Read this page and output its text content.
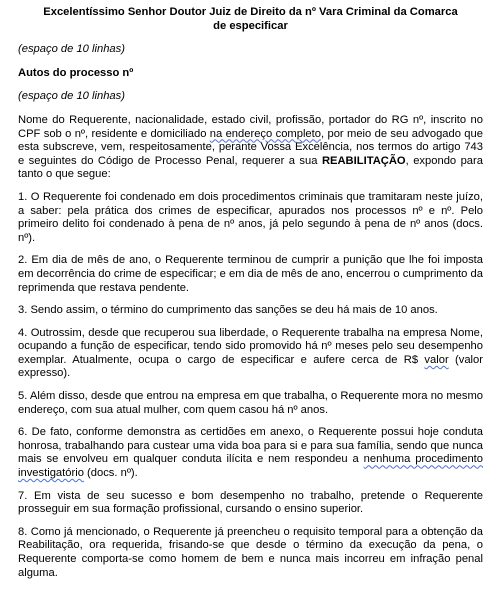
Excelentíssimo Senhor Doutor Juiz de Direito da nº Vara Criminal da Comarca
de especificar
(espaço de 10 linhas)
Autos do processo nº
(espaço de 10 linhas)

Nome do Requerente, nacionalidade, estado civil, profissão, portador do RG nº, inscrito no CPF sob o nº, residente e domiciliado na endereço completo, por meio de seu advogado que esta subscreve, vem, respeitosamente, perante Vossa Excelência, nos termos do artigo 743 e seguintes do Código de Processo Penal, requerer a sua REABILITAÇÃO, expondo para tanto o que segue:

1. O Requerente foi condenado em dois procedimentos criminais que tramitaram neste juízo, a saber: pela prática dos crimes de especificar, apurados nos processos nº e nº. Pelo primeiro delito foi condenado à pena de nº anos, já pelo segundo à pena de nº anos (docs. nº).

2. Em dia de mês de ano, o Requerente terminou de cumprir a punição que lhe foi imposta em decorrência do crime de especificar; e em dia de mês de ano, encerrou o cumprimento da reprimenda que restava pendente.

3. Sendo assim, o término do cumprimento das sanções se deu há mais de 10 anos.

4. Outrossim, desde que recuperou sua liberdade, o Requerente trabalha na empresa Nome, ocupando a função de especificar, tendo sido promovido há nº meses pelo seu desempenho exemplar. Atualmente, ocupa o cargo de especificar e aufere cerca de R$ valor (valor expresso).

5. Além disso, desde que entrou na empresa em que trabalha, o Requerente mora no mesmo endereço, com sua atual mulher, com quem casou há nº anos.

6. De fato, conforme demonstra as certidões em anexo, o Requerente possui hoje conduta honrosa, trabalhando para custear uma vida boa para si e para sua família, sendo que nunca mais se envolveu em qualquer conduta ilícita e nem respondeu a nenhuma procedimento investigatório (docs. nº).

7. Em vista de seu sucesso e bom desempenho no trabalho, pretende o Requerente prosseguir em sua formação profissional, cursando o ensino superior.

8. Como já mencionado, o Requerente já preencheu o requisito temporal para a obtenção da Reabilitação, ora requerida, frisando-se que desde o término da execução da pena, o Requerente comporta-se como homem de bem e nunca mais incorreu em infração penal alguma.
